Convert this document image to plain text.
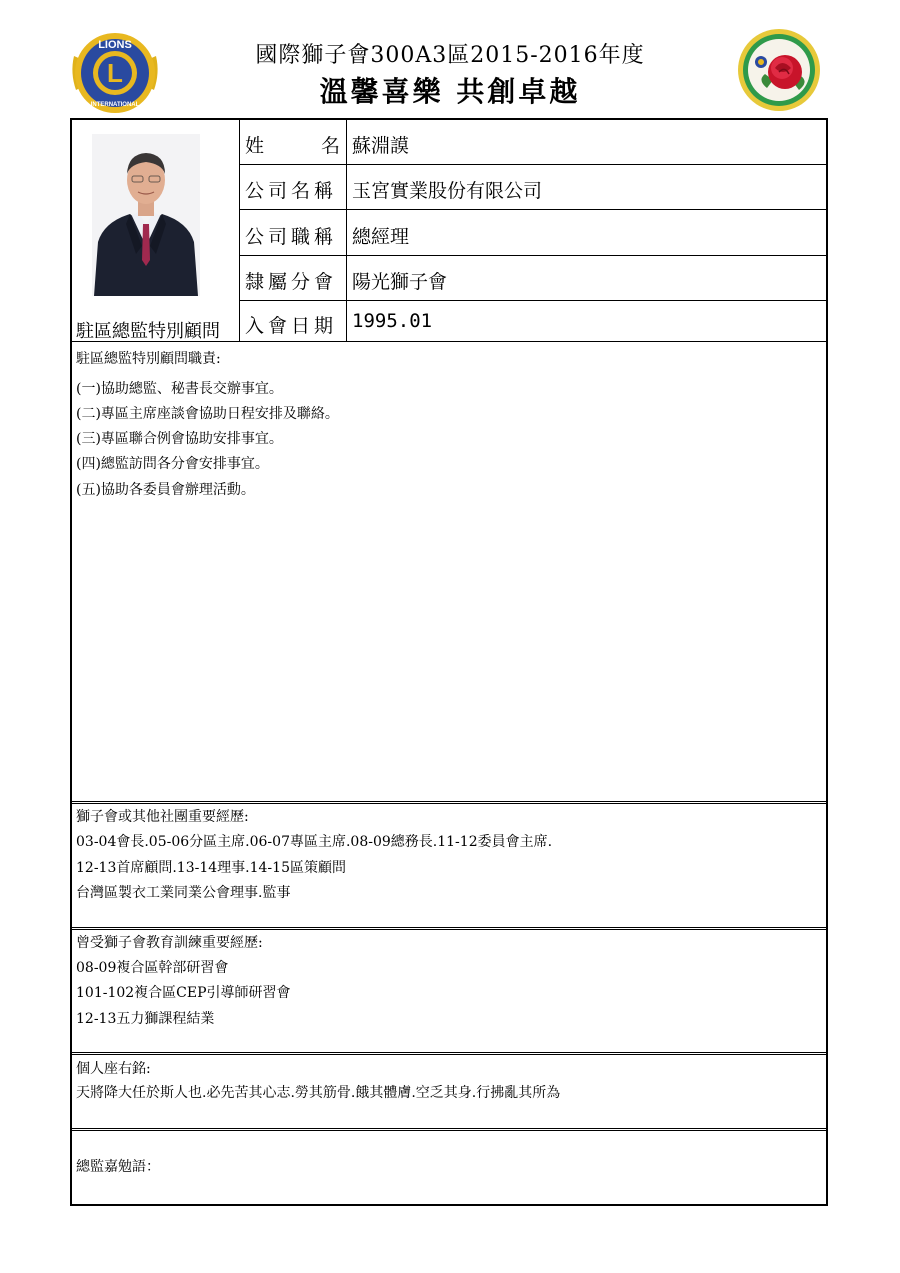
L
LIONS
INTERNATIONAL
國際獅子會300A3區2015-2016年度
溫馨喜樂 共創卓越
駐區總監特別顧問
姓　　　名 蘇淵謨
公司名稱 玉宮實業股份有限公司
公司職稱 總經理
隸屬分會 陽光獅子會
入會日期 1995.01
駐區總監特別顧問職責:
(一)協助總監、秘書長交辦事宜。
(二)專區主席座談會協助日程安排及聯絡。
(三)專區聯合例會協助安排事宜。
(四)總監訪問各分會安排事宜。
(五)協助各委員會辦理活動。
獅子會或其他社團重要經歷:
03-04會長.05-06分區主席.06-07專區主席.08-09總務長.11-12委員會主席.
12-13首席顧問.13-14理事.14-15區策顧問
台灣區製衣工業同業公會理事.監事
曾受獅子會教育訓練重要經歷:
08-09複合區幹部研習會
101-102複合區CEP引導師研習會
12-13五力獅課程結業
個人座右銘:
天將降大任於斯人也.必先苦其心志.勞其筋骨.餓其體膚.空乏其身.行拂亂其所為
總監嘉勉語：
